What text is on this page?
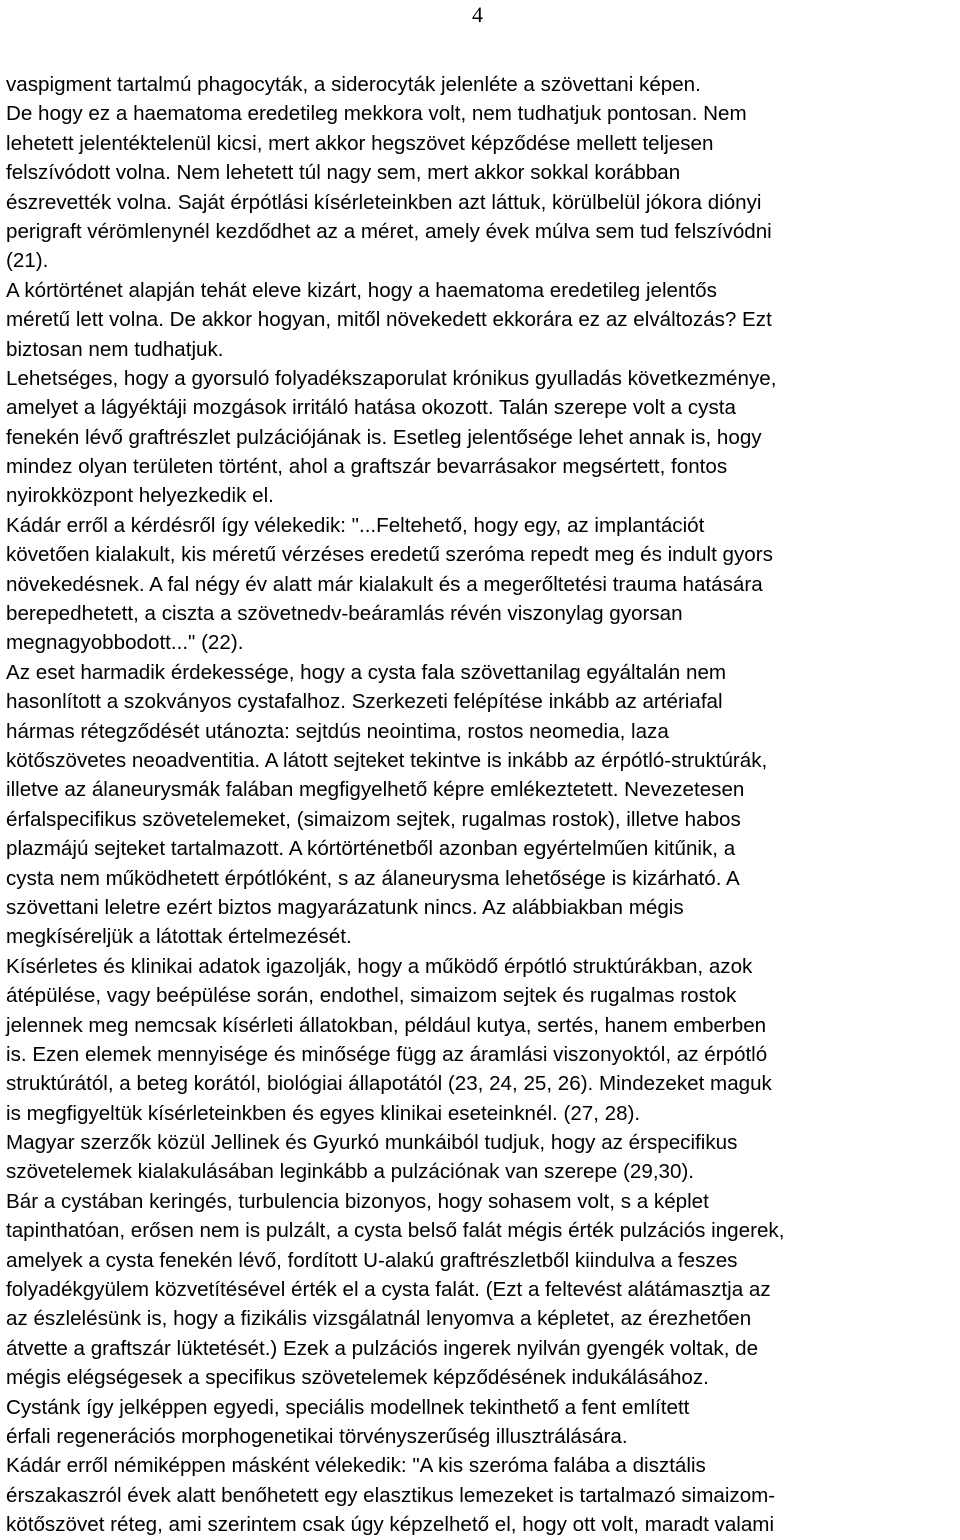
4
vaspigment tartalmú phagocyták, a siderocyták jelenléte a szövettani képen.
De hogy ez a haematoma eredetileg mekkora volt, nem tudhatjuk pontosan. Nem
lehetett jelentéktelenül kicsi, mert akkor hegszövet képződése mellett teljesen
felszívódott volna. Nem lehetett túl nagy sem, mert akkor sokkal korábban
észrevették volna. Saját érpótlási kísérleteinkben azt láttuk, körülbelül jókora diónyi
perigraft vérömlenynél kezdődhet az a méret, amely évek múlva sem tud felszívódni
(21).
A kórtörténet alapján tehát eleve kizárt, hogy a haematoma eredetileg jelentős
méretű lett volna. De akkor hogyan, mitől növekedett ekkorára ez az elváltozás? Ezt
biztosan nem tudhatjuk.
Lehetséges, hogy a gyorsuló folyadékszaporulat krónikus gyulladás következménye,
amelyet a lágyéktáji mozgások irritáló hatása okozott. Talán szerepe volt a cysta
fenekén lévő graftrészlet pulzációjának is. Esetleg jelentősége lehet annak is, hogy
mindez olyan területen történt, ahol a graftszár bevarrásakor megsértett, fontos
nyirokközpont helyezkedik el.
Kádár erről a kérdésről így vélekedik: "...Feltehető, hogy egy, az implantációt
követően kialakult, kis méretű vérzéses eredetű szeróma repedt meg és indult gyors
növekedésnek. A fal négy év alatt már kialakult és a megerőltetési trauma hatására
berepedhetett, a ciszta a szövetnedv-beáramlás révén viszonylag gyorsan
megnagyobbodott..." (22).
Az eset harmadik érdekessége, hogy a cysta fala szövettanilag egyáltalán nem
hasonlított a szokványos cystafalhoz. Szerkezeti felépítése inkább az artériafal
hármas rétegződését utánozta: sejtdús neointima, rostos neomedia, laza
kötőszövetes neoadventitia. A látott sejteket tekintve is inkább az érpótló-struktúrák,
illetve az álaneurysmák falában megfigyelhető képre emlékeztetett. Nevezetesen
érfalspecifikus szövetelemeket, (simaizom sejtek, rugalmas rostok), illetve habos
plazmájú sejteket tartalmazott. A kórtörténetből azonban egyértelműen kitűnik, a
cysta nem működhetett érpótlóként, s az álaneurysma lehetősége is kizárható. A
szövettani leletre ezért biztos magyarázatunk nincs. Az alábbiakban mégis
megkíséreljük a látottak értelmezését.
Kísérletes és klinikai adatok igazolják, hogy a működő érpótló struktúrákban, azok
átépülése, vagy beépülése során, endothel, simaizom sejtek és rugalmas rostok
jelennek meg nemcsak kísérleti állatokban, például kutya, sertés, hanem emberben
is. Ezen elemek mennyisége és minősége függ az áramlási viszonyoktól, az érpótló
struktúrától, a beteg korától, biológiai állapotától (23, 24, 25, 26). Mindezeket maguk
is megfigyeltük kísérleteinkben és egyes klinikai eseteinknél. (27, 28).
Magyar szerzők közül Jellinek és Gyurkó munkáiból tudjuk, hogy az érspecifikus
szövetelemek kialakulásában leginkább a pulzációnak van szerepe (29,30).
Bár a cystában keringés, turbulencia bizonyos, hogy sohasem volt, s a képlet
tapinthatóan, erősen nem is pulzált, a cysta belső falát mégis érték pulzációs ingerek,
amelyek a cysta fenekén lévő, fordított U-alakú graftrészletből kiindulva a feszes
folyadékgyülem közvetítésével érték el a cysta falát. (Ezt a feltevést alátámasztja az
az észlelésünk is, hogy a fizikális vizsgálatnál lenyomva a képletet, az érezhetően
átvette a graftszár lüktetését.) Ezek a pulzációs ingerek nyilván gyengék voltak, de
mégis elégségesek a specifikus szövetelemek képződésének indukálásához.
Cystánk így jelképpen egyedi, speciális modellnek tekinthető a fent említett
érfali regenerációs morphogenetikai törvényszerűség illusztrálására.
Kádár erről némiképpen másként vélekedik: "A kis szeróma falába a disztális
érszakaszról évek alatt benőhetett egy elasztikus lemezeket is tartalmazó simaizom-
kötőszövet réteg, ami szerintem csak úgy képzelhető el, hogy ott volt, maradt valami
